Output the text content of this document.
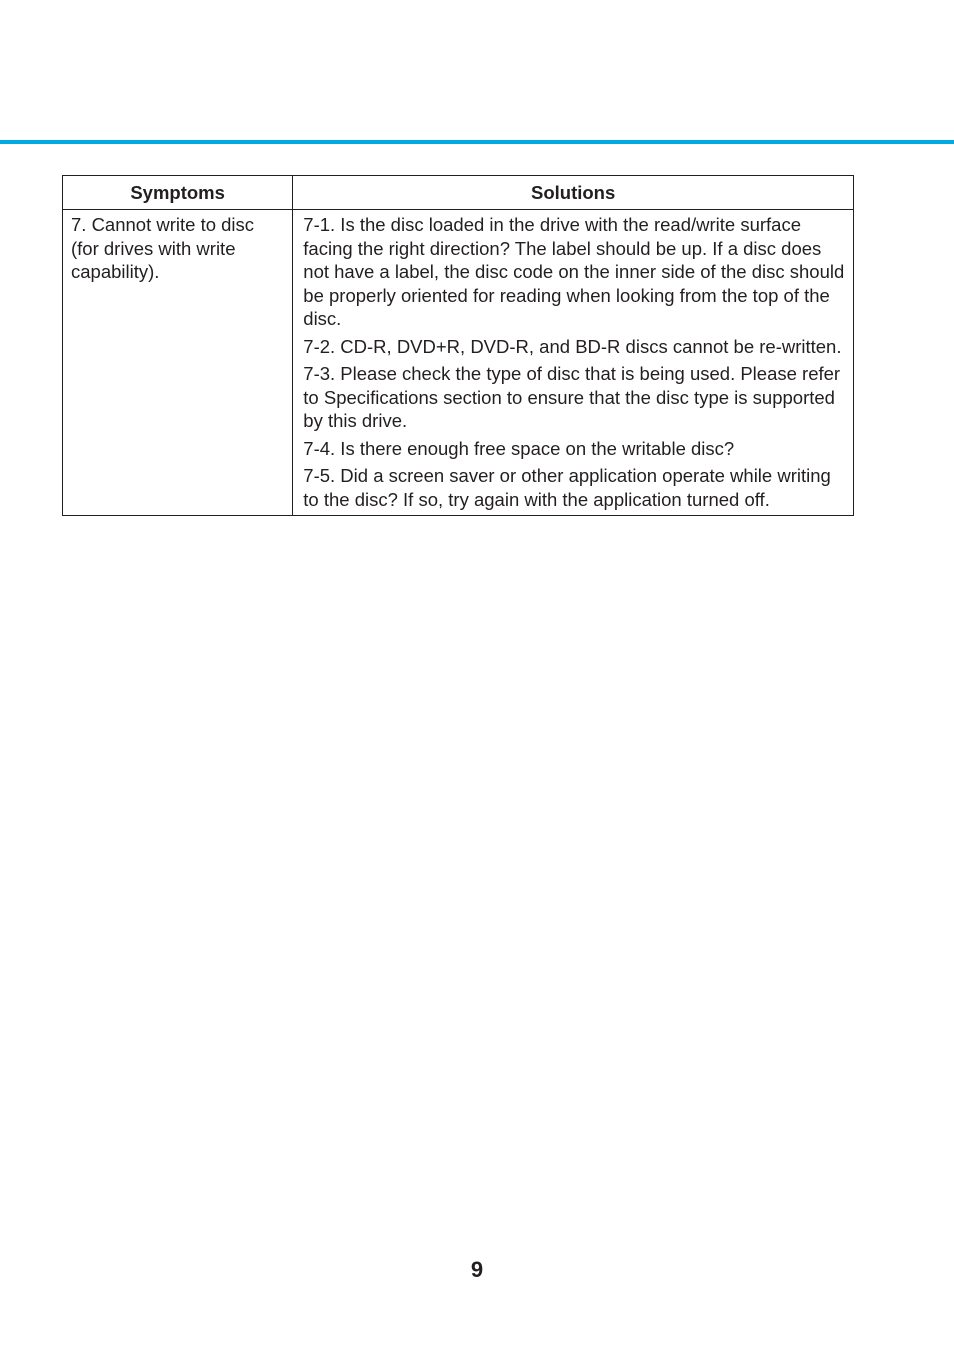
Symptoms	Solutions
7. Cannot write to disc (for drives with write capability).	7-1. Is the disc loaded in the drive with the read/write surface facing the right direction? The label should be up. If a disc does not have a label, the disc code on the inner side of the disc should be properly oriented for reading when looking from the top of the disc.

7-2. CD-R, DVD+R, DVD-R, and BD-R discs cannot be re-written.

7-3. Please check the type of disc that is being used. Please refer to Specifications section to ensure that the disc type is supported by this drive.

7-4. Is there enough free space on the writable disc?

7-5. Did a screen saver or other application operate while writing to the disc? If so, try again with the application turned off.

9
